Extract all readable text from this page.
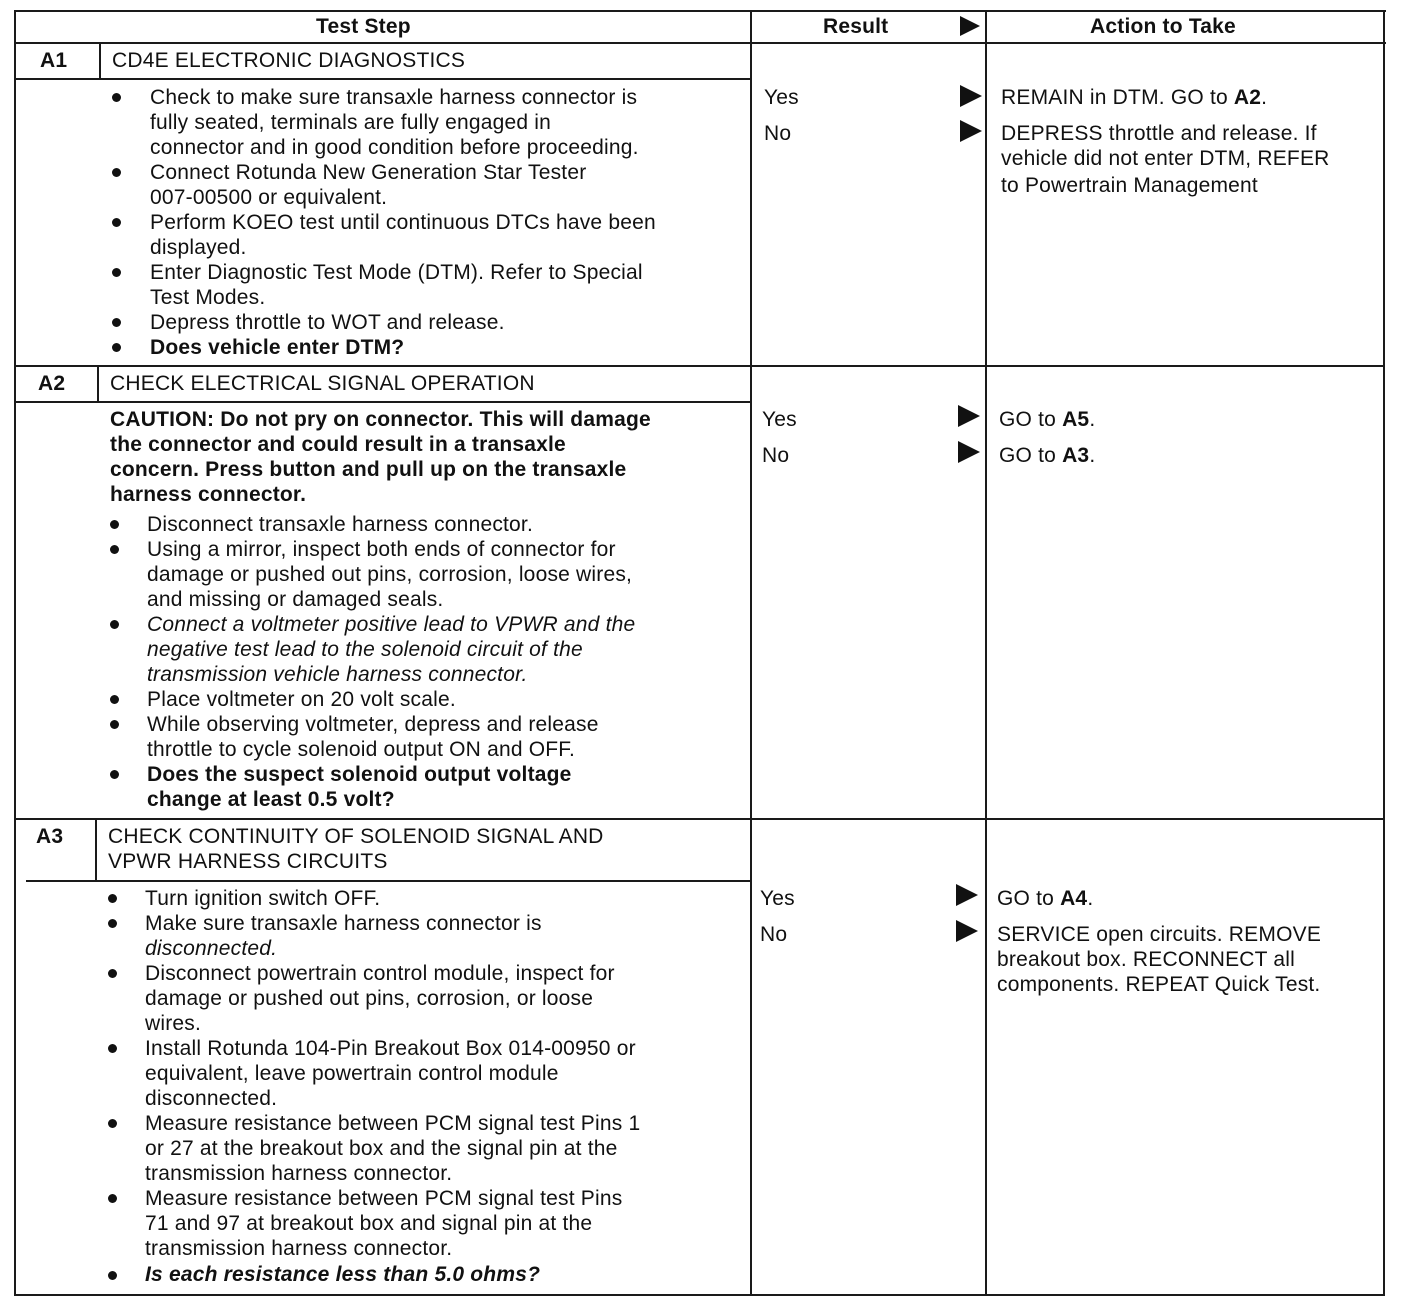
Test Step	Result	Action to Take
A1 CD4E ELECTRONIC DIAGNOSTICS
Check to make sure transaxle harness connector is
fully seated, terminals are fully engaged in
connector and in good condition before proceeding.
Connect Rotunda New Generation Star Tester
007-00500 or equivalent.
Perform KOEO test until continuous DTCs have been
displayed.
Enter Diagnostic Test Mode (DTM). Refer to Special
Test Modes.
Depress throttle to WOT and release.
Does vehicle enter DTM?
Yes
No
REMAIN in DTM. GO to A2.
DEPRESS throttle and release. If
vehicle did not enter DTM, REFER
to Powertrain Management
A2 CHECK ELECTRICAL SIGNAL OPERATION
CAUTION: Do not pry on connector. This will damage
the connector and could result in a transaxle
concern. Press button and pull up on the transaxle
harness connector.
Disconnect transaxle harness connector.
Using a mirror, inspect both ends of connector for
damage or pushed out pins, corrosion, loose wires,
and missing or damaged seals.
Connect a voltmeter positive lead to VPWR and the
negative test lead to the solenoid circuit of the
transmission vehicle harness connector.
Place voltmeter on 20 volt scale.
While observing voltmeter, depress and release
throttle to cycle solenoid output ON and OFF.
Does the suspect solenoid output voltage
change at least 0.5 volt?
Yes
No
GO to A5.
GO to A3.
A3 CHECK CONTINUITY OF SOLENOID SIGNAL AND
VPWR HARNESS CIRCUITS
Turn ignition switch OFF.
Make sure transaxle harness connector is
disconnected.
Disconnect powertrain control module, inspect for
damage or pushed out pins, corrosion, or loose
wires.
Install Rotunda 104-Pin Breakout Box 014-00950 or
equivalent, leave powertrain control module
disconnected.
Measure resistance between PCM signal test Pins 1
or 27 at the breakout box and the signal pin at the
transmission harness connector.
Measure resistance between PCM signal test Pins
71 and 97 at breakout box and signal pin at the
transmission harness connector.
Is each resistance less than 5.0 ohms?
Yes
No
GO to A4.
SERVICE open circuits. REMOVE
breakout box. RECONNECT all
components. REPEAT Quick Test.
